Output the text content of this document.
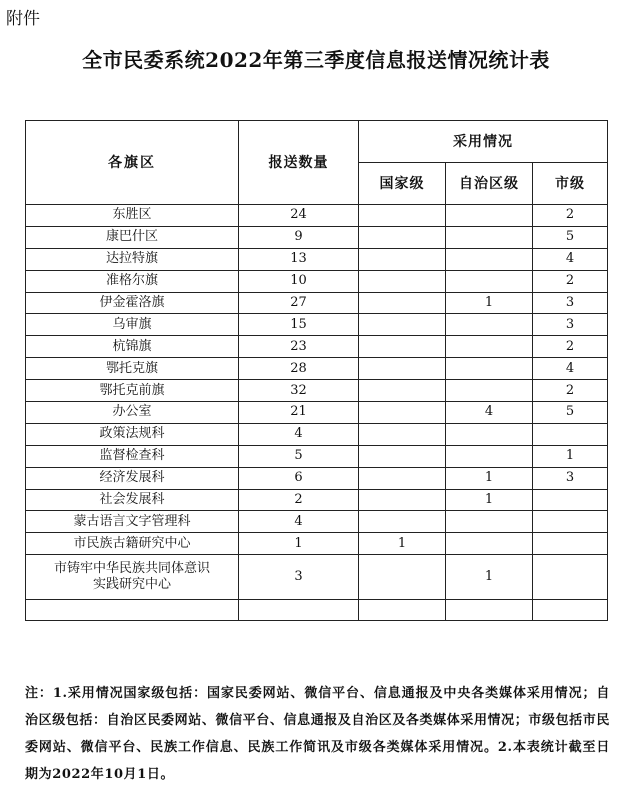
附件
全市民委系统2022年第三季度信息报送情况统计表
各旗区	报送数量	采用情况		
		国家级	自治区级	市级
东胜区	24			2
康巴什区	9			5
达拉特旗	13			4
准格尔旗	10			2
伊金霍洛旗	27		1	3
乌审旗	15			3
杭锦旗	23			2
鄂托克旗	28			4
鄂托克前旗	32			2
办公室	21		4	5
政策法规科	4			
监督检查科	5			1
经济发展科	6		1	3
社会发展科	2		1	
蒙古语言文字管理科	4			
市民族古籍研究中心	1	1		
市铸牢中华民族共同体意识实践研究中心	3		1	

注：1.采用情况国家级包括：国家民委网站、微信平台、信息通报及中央各类媒体采用情况；自治区级包括：自治区民委网站、微信平台、信息通报及自治区及各类媒体采用情况；市级包括市民委网站、微信平台、民族工作信息、民族工作简讯及市级各类媒体采用情况。2.本表统计截至日期为2022年10月1日。
